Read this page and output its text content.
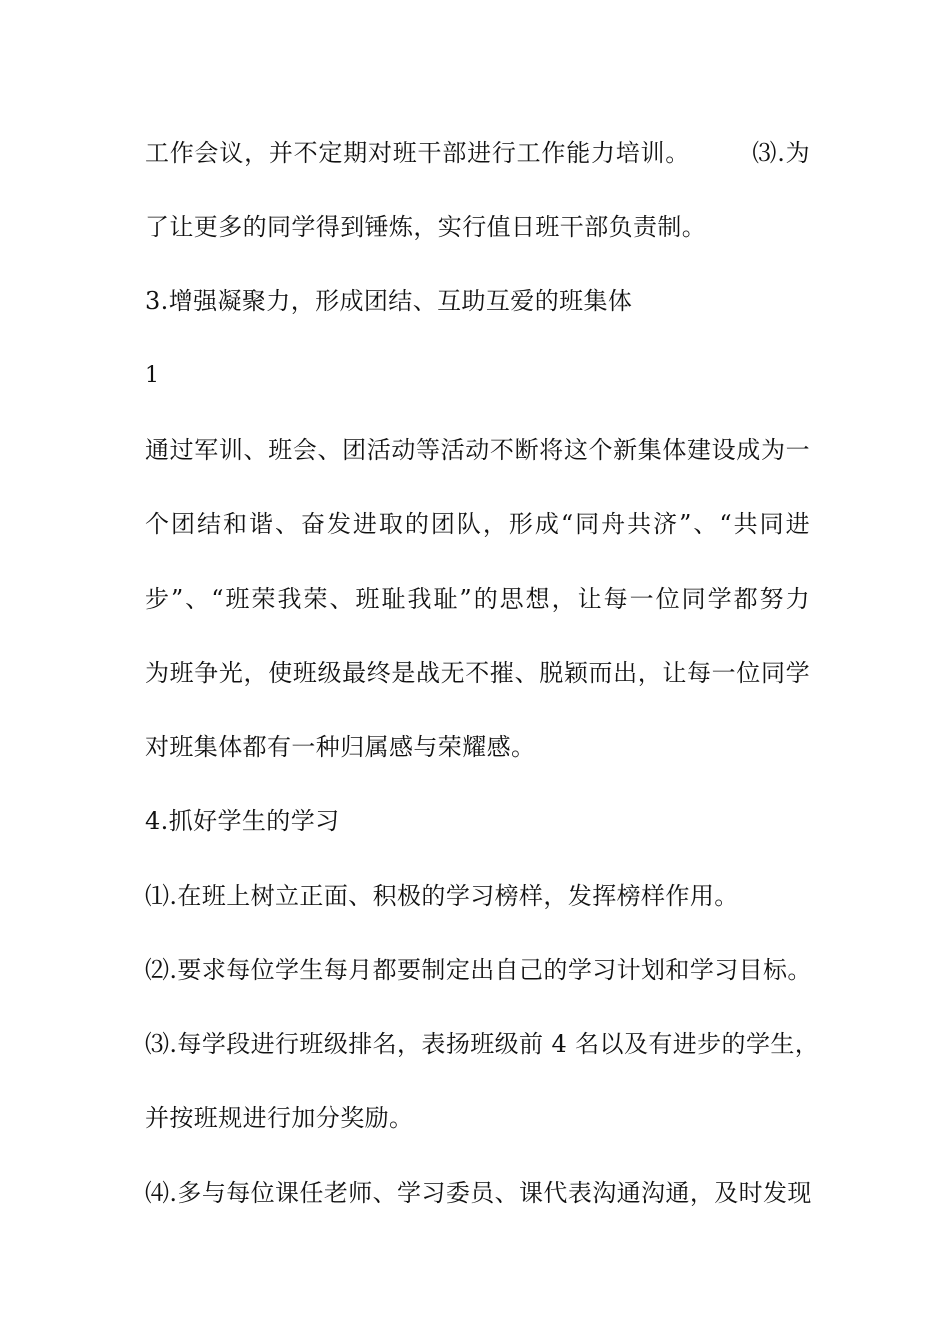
工作会议，并不定期对班干部进行工作能力培训。　　　⑶.为
了让更多的同学得到锤炼，实行值日班干部负责制。
3.增强凝聚力，形成团结、互助互爱的班集体
1
通过军训、班会、团活动等活动不断将这个新集体建设成为一
个团结和谐、奋发进取的团队，形成“同舟共济”、“共同进
步”、“班荣我荣、班耻我耻”的思想，让每一位同学都努力
为班争光，使班级最终是战无不摧、脱颖而出，让每一位同学
对班集体都有一种归属感与荣耀感。
4.抓好学生的学习
⑴.在班上树立正面、积极的学习榜样，发挥榜样作用。
⑵.要求每位学生每月都要制定出自己的学习计划和学习目标。
⑶.每学段进行班级排名，表扬班级前 4 名以及有进步的学生，
并按班规进行加分奖励。
⑷.多与每位课任老师、学习委员、课代表沟通沟通，及时发现
